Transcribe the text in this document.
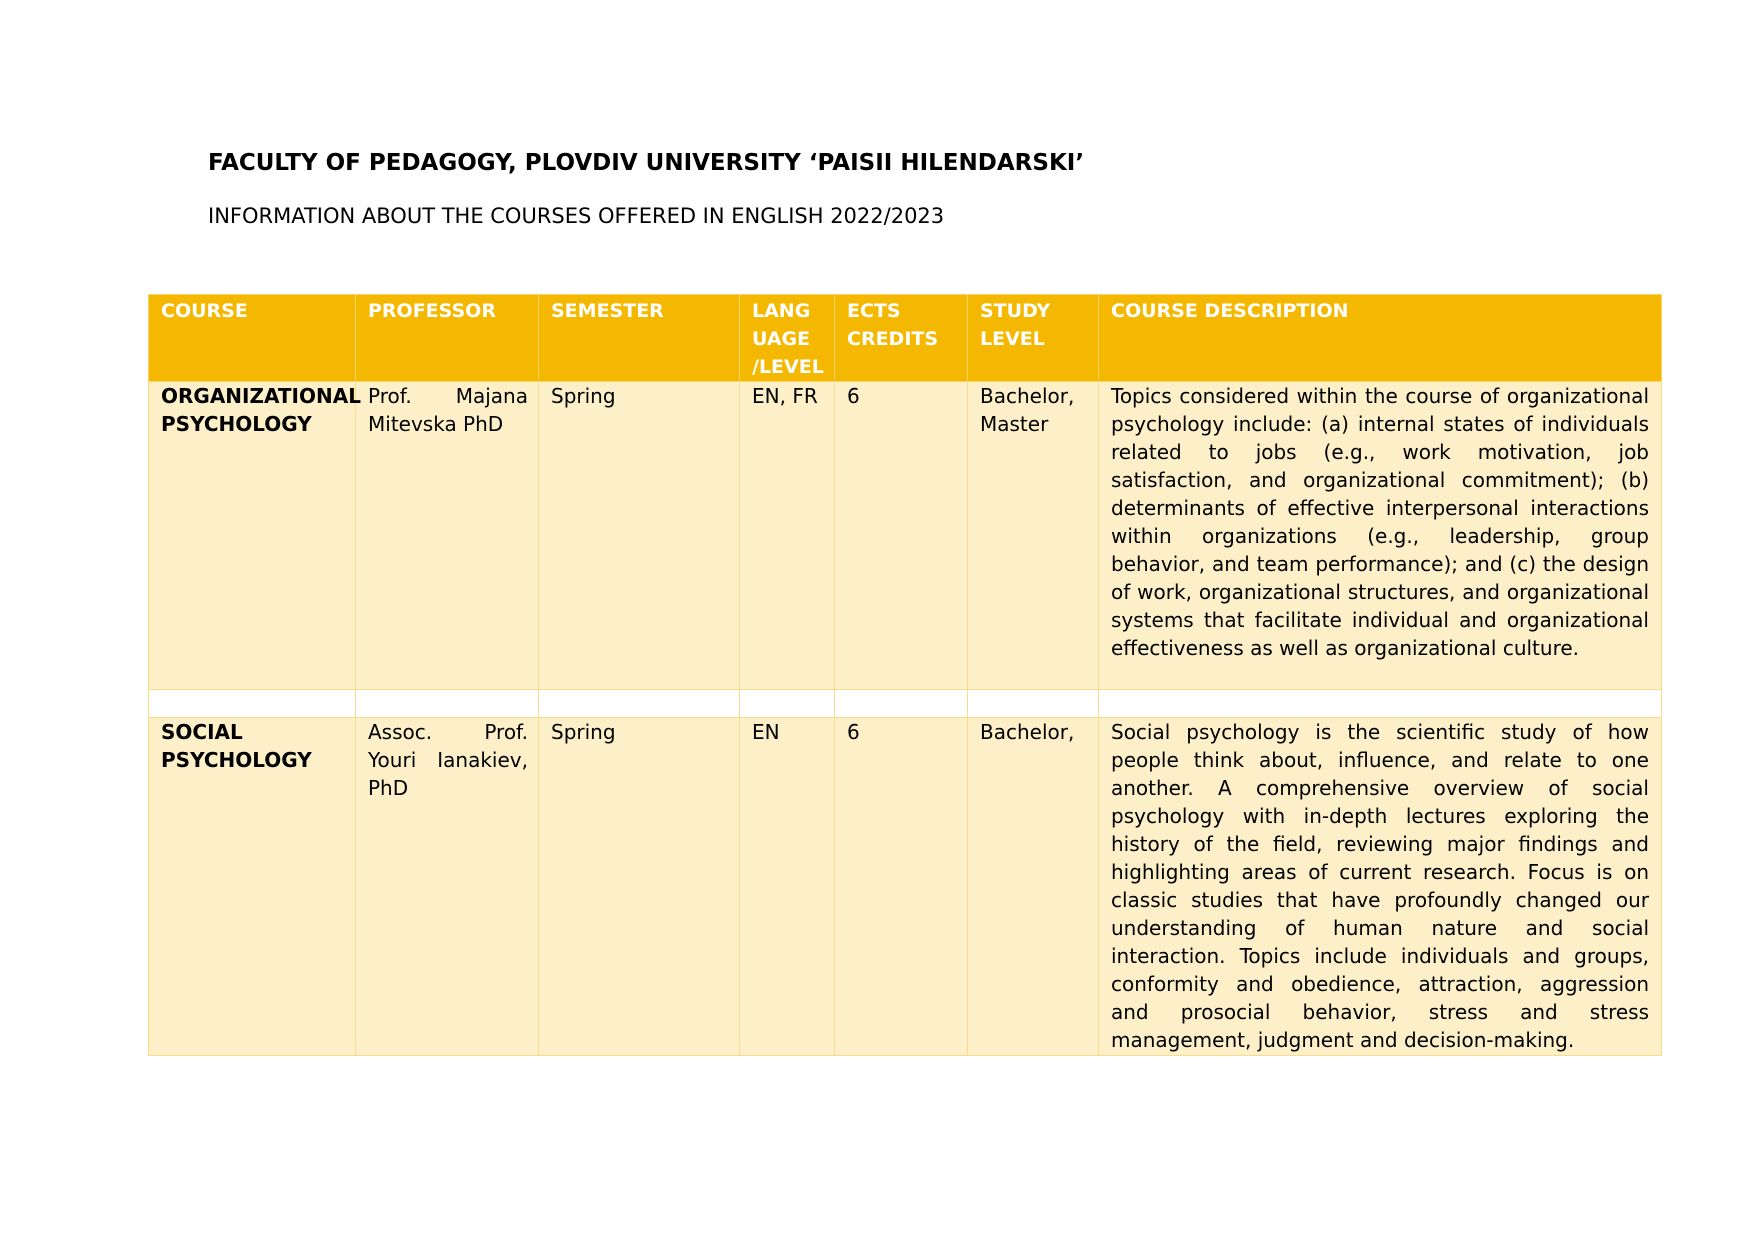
FACULTY OF PEDAGOGY, PLOVDIV UNIVERSITY ‘PAISII HILENDARSKI’

INFORMATION ABOUT THE COURSES OFFERED IN ENGLISH 2022/2023

COURSE	PROFESSOR	SEMESTER	LANG UAGE /LEVEL	ECTS CREDITS	STUDY LEVEL	COURSE DESCRIPTION
ORGANIZATIONAL PSYCHOLOGY	Prof. Majana Mitevska PhD	Spring	EN, FR	6	Bachelor, Master	Topics considered within the course of organizational psychology include: (a) internal states of individuals related to jobs (e.g., work motivation, job satisfaction, and organizational commitment); (b) determinants of effective interpersonal interactions within organizations (e.g., leadership, group behavior, and team performance); and (c) the design of work, organizational structures, and organizational systems that facilitate individual and organizational effectiveness as well as organizational culture.

SOCIAL PSYCHOLOGY	Assoc. Prof. Youri Ianakiev, PhD	Spring	EN	6	Bachelor,	Social psychology is the scientific study of how people think about, influence, and relate to one another. A comprehensive overview of social psychology with in-depth lectures exploring the history of the field, reviewing major findings and highlighting areas of current research. Focus is on classic studies that have profoundly changed our understanding of human nature and social interaction. Topics include individuals and groups, conformity and obedience, attraction, aggression and prosocial behavior, stress and stress management, judgment and decision-making.
